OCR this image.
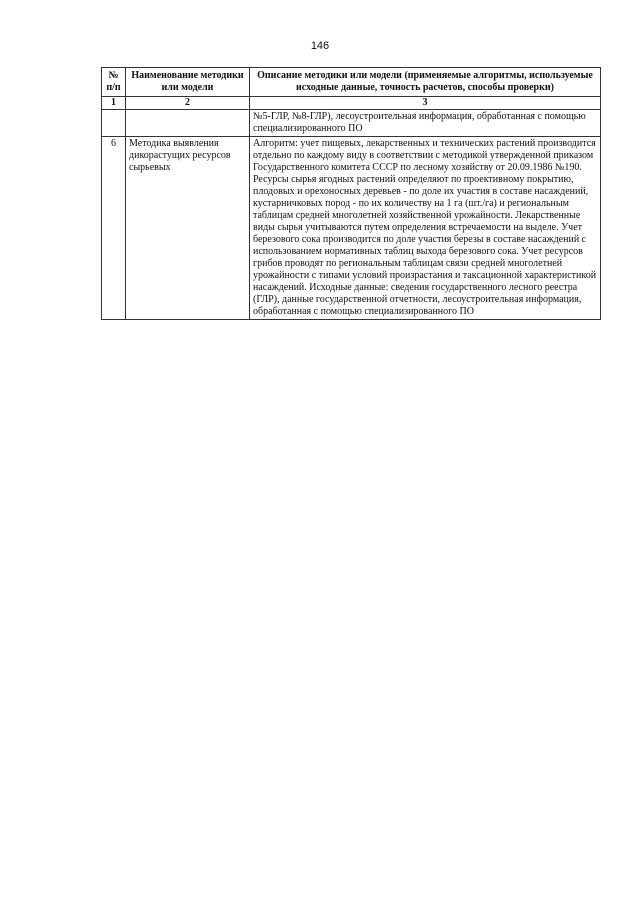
146
№ п/п	Наименование методики или модели	Описание методики или модели (применяемые алгоритмы, используемые исходные данные, точность расчетов, способы проверки)
1	2	3
		№5-ГЛР, №8-ГЛР), лесоустроительная информация, обработанная с помощью специализированного ПО
6	Методика выявления дикорастущих ресурсов сырьевых	Алгоритм: учет пищевых, лекарственных и технических растений производится отдельно по каждому виду в соответствии с методикой утвержденной приказом Государственного комитета СССР по лесному хозяйству от 20.09.1986 №190. Ресурсы сырья ягодных растений определяют по проективному покрытию, плодовых и орехоносных деревьев - по доле их участия в составе насаждений, кустарничковых пород - по их количеству на 1 га (шт./га) и региональным таблицам средней многолетней хозяйственной урожайности. Лекарственные виды сырья учитываются путем определения встречаемости на выделе. Учет березового сока производится по доле участия березы в составе насаждений с использованием нормативных таблиц выхода березового сока. Учет ресурсов грибов проводят по региональным таблицам связи средней многолетней урожайности с типами условий произрастания и таксационной характеристикой насаждений. Исходные данные: сведения государственного лесного реестра (ГЛР), данные государственной отчетности, лесоустроительная информация, обработанная с помощью специализированного ПО
